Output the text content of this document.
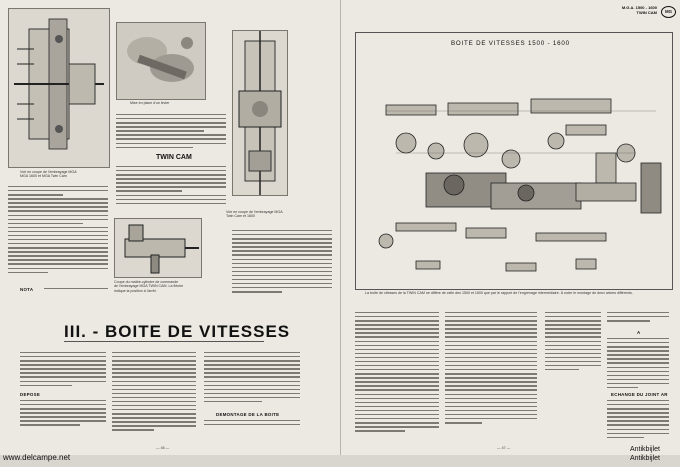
Voir en coupe de l'embrayage MGA
MGA 1600 et MGA Twin Cam
Mise en place d'un levier
Voir en coupe de l'embrayage MGA
Twin Cam et 1600
TWIN CAM
NOTA
Coupe du maître-cylindre de commande
de l'embrayage MGA TWIN CAM. La flèche
indique la position à l'arrêt.
III. - BOITE DE VITESSES
DEPOSE
DEMONTAGE DE LA BOITE
— 46 —
M.G.A. 1500 - 1600
TWIN CAM	MG
BOITE DE VITESSES 1500 - 1600
La boîte de vitesses de la TWIN CAM ne diffère de celle des 1500 et 1600 que par le rapport de l'engrenage intermédiaire. À noter le montage de deux arbres différents.
A
ECHANGE DU JOINT AR
— 47 —
www.delcampe.net
Antikbijlet
Antikbijlet
